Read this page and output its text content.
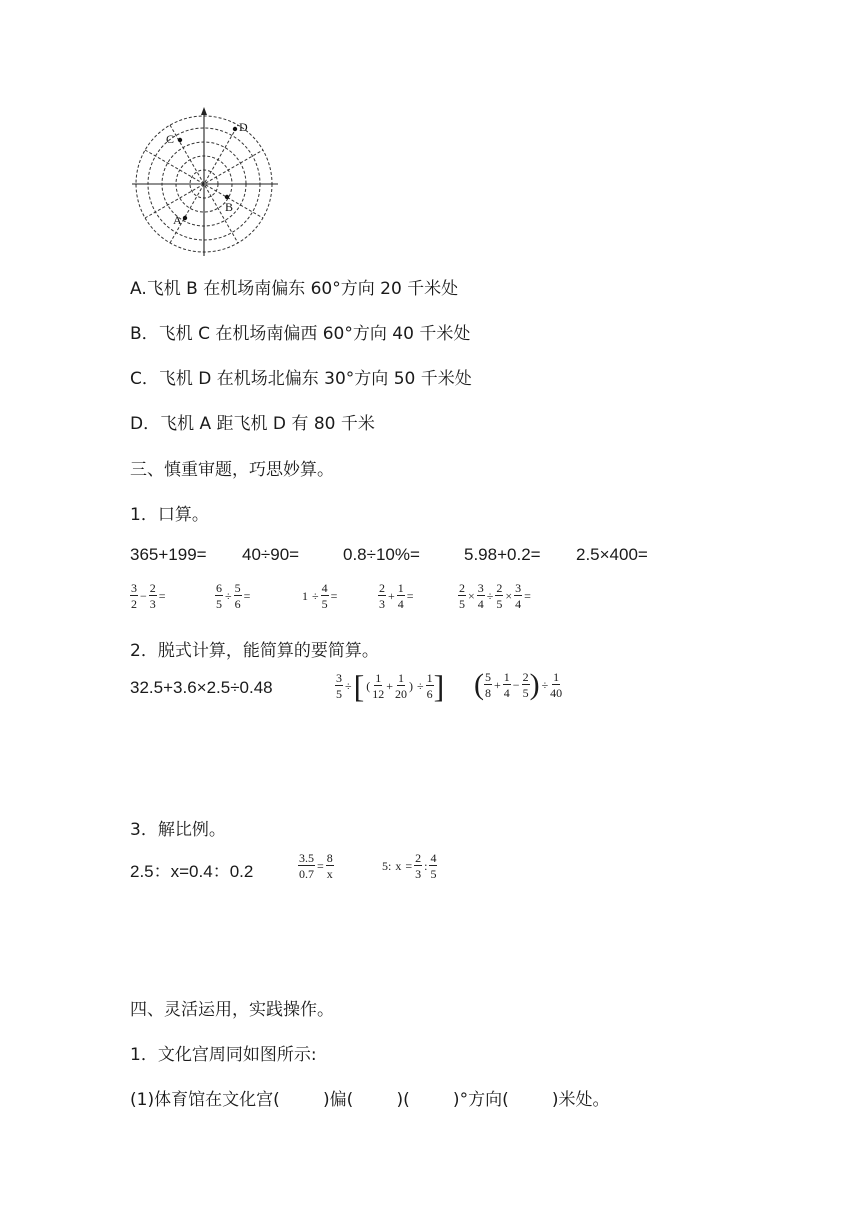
C
D
A
B
A.飞机 B 在机场南偏东 60°方向 20 千米处
B．飞机 C 在机场南偏西 60°方向 40 千米处
C．飞机 D 在机场北偏东 30°方向 50 千米处
D．飞机 A 距飞机 D 有 80 千米
三、慎重审题，巧思妙算。
1．口算。
365+199= 40÷90=	0.8÷10%=	5.98+0.2= 2.5×400=
$\frac{3}{2} - \frac{2}{3}$ =	$\frac{6}{5} \div \frac{5}{6}$ =	$1 \div \frac{4}{5}$ =	$\frac{2}{3} + \frac{1}{4}$ =	$\frac{2}{5} \times \frac{3}{4} \div \frac{2}{5} \times \frac{3}{4}$ =
2．脱式计算，能简算的要简算。
32.5+3.6×2.5÷0.48	$\frac{3}{5}$ ÷ [ ( $\frac{1}{12} + \frac{1}{20}$ ) ÷ $\frac{1}{6}$ ] ( $\frac{5}{8} + \frac{1}{4} - \frac{2}{5}$ ) ÷ $\frac{1}{40}$
3．解比例。
2.5：x=0.4：0.2	$\frac{3.5}{0.7} = \frac{8}{x}$	5: $x = \frac{2}{3}$ : $\frac{4}{5}$
四、灵活运用，实践操作。
1．文化宫周同如图所示:
(1)体育馆在文化宫(        )偏(        )(        )°方向(        )米处。
